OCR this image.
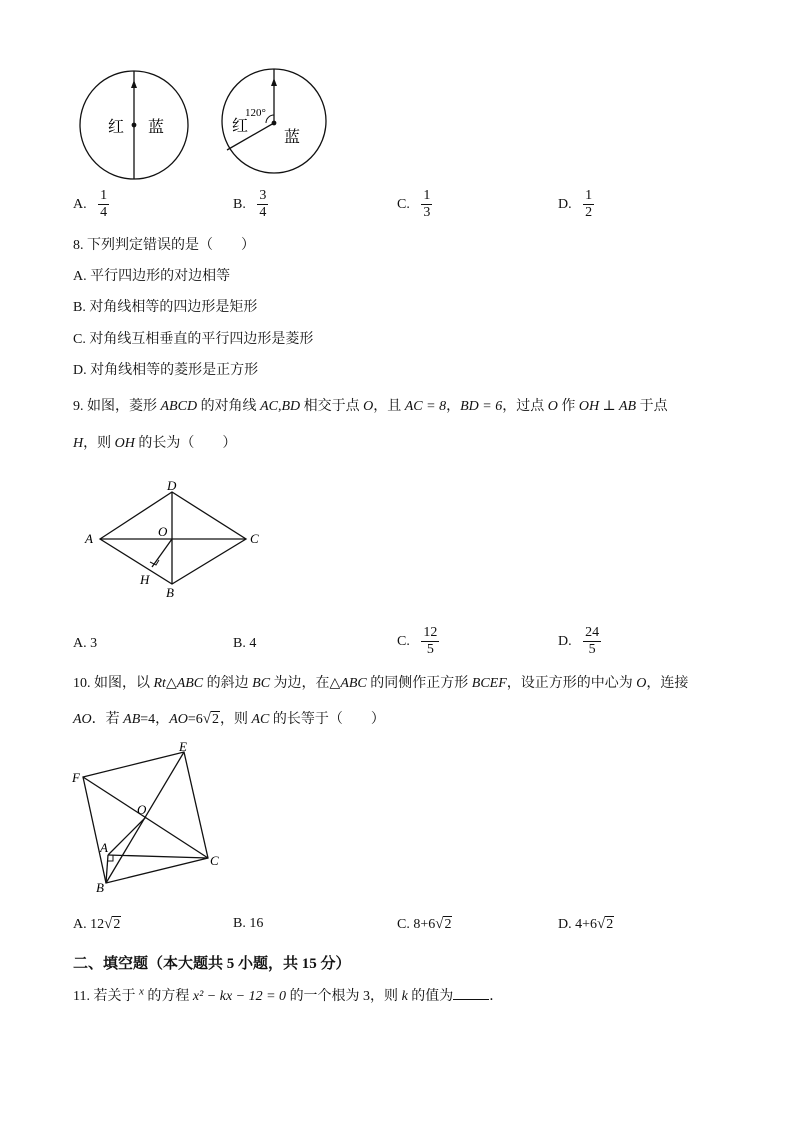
红 蓝
120°
红
蓝
A. $\frac{1}{4}$	B. $\frac{3}{4}$	C. $\frac{1}{3}$	D. $\frac{1}{2}$
8. 下列判定错误的是（　　）
A. 平行四边形的对边相等
B. 对角线相等的四边形是矩形
C. 对角线互相垂直的平行四边形是菱形
D. 对角线相等的菱形是正方形
9. 如图，菱形 ABCD 的对角线 AC,BD 相交于点 O，且 AC = 8，BD = 6，过点 O 作 OH ⊥ AB 于点
H，则 OH 的长为（　　）
D
A	C
O
H
B
A. 3	B. 4	C. $\frac{12}{5}$	D. $\frac{24}{5}$
10. 如图，以 Rt△ABC 的斜边 BC 为边，在△ABC 的同侧作正方形 BCEF，设正方形的中心为 O，连接
AO．若 AB=4，AO=6√2，则 AC 的长等于（　　）
F
E
O
A
C
B
A. 12√2	B. 16	C. 8+6√2	D. 4+6√2
二、填空题（本大题共 5 小题，共 15 分）
11. 若关于 $^x$ 的方程 x² − kx − 12 = 0 的一个根为 3，则 k 的值为	．
